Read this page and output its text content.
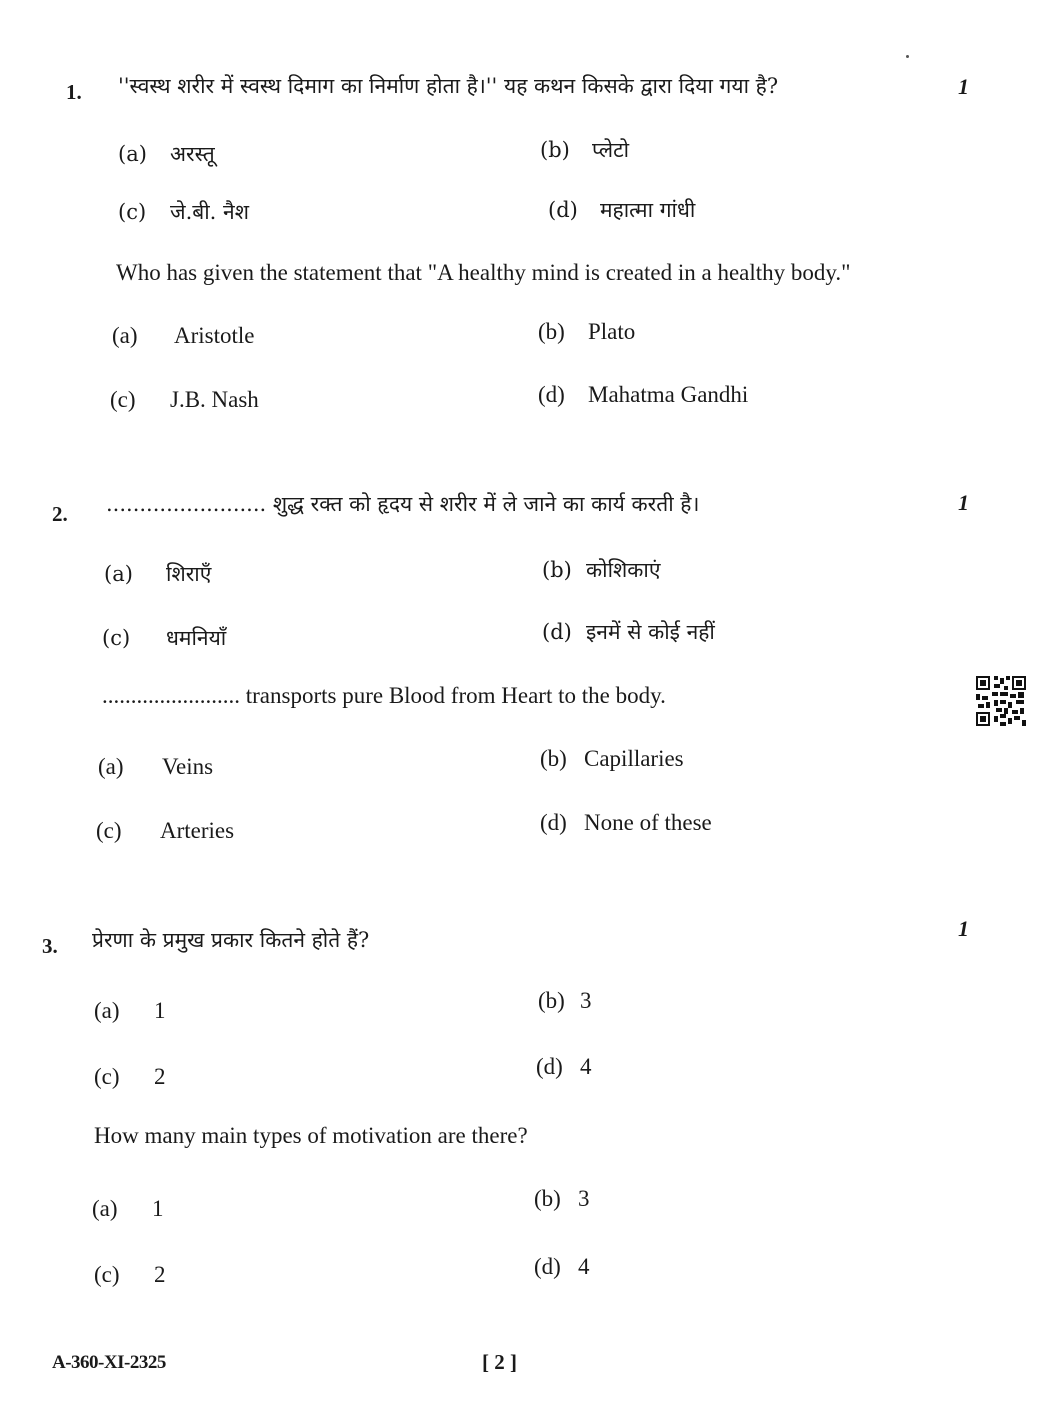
1. ''स्वस्थ शरीर में स्वस्थ दिमाग का निर्माण होता है।'' यह कथन किसके द्वारा दिया गया है?	1
(a) अरस्तू	(b) प्लेटो
(c) जे.बी. नैश	(d) महात्मा गांधी
Who has given the statement that "A healthy mind is created in a healthy body."
(a) Aristotle	(b) Plato
(c) J.B. Nash	(d) Mahatma Gandhi
2. ........................ शुद्ध रक्त को हृदय से शरीर में ले जाने का कार्य करती है।	1
(a) शिराएँ	(b) कोशिकाएं
(c) धमनियाँ	(d) इनमें से कोई नहीं
........................ transports pure Blood from Heart to the body.
(a) Veins	(b) Capillaries
(c) Arteries	(d) None of these
3. प्रेरणा के प्रमुख प्रकार कितने होते हैं?	1
(a) 1	(b) 3
(c) 2	(d) 4
How many main types of motivation are there?
(a) 1	(b) 3
(c) 2	(d) 4
A-360-XI-2325	[ 2 ]
